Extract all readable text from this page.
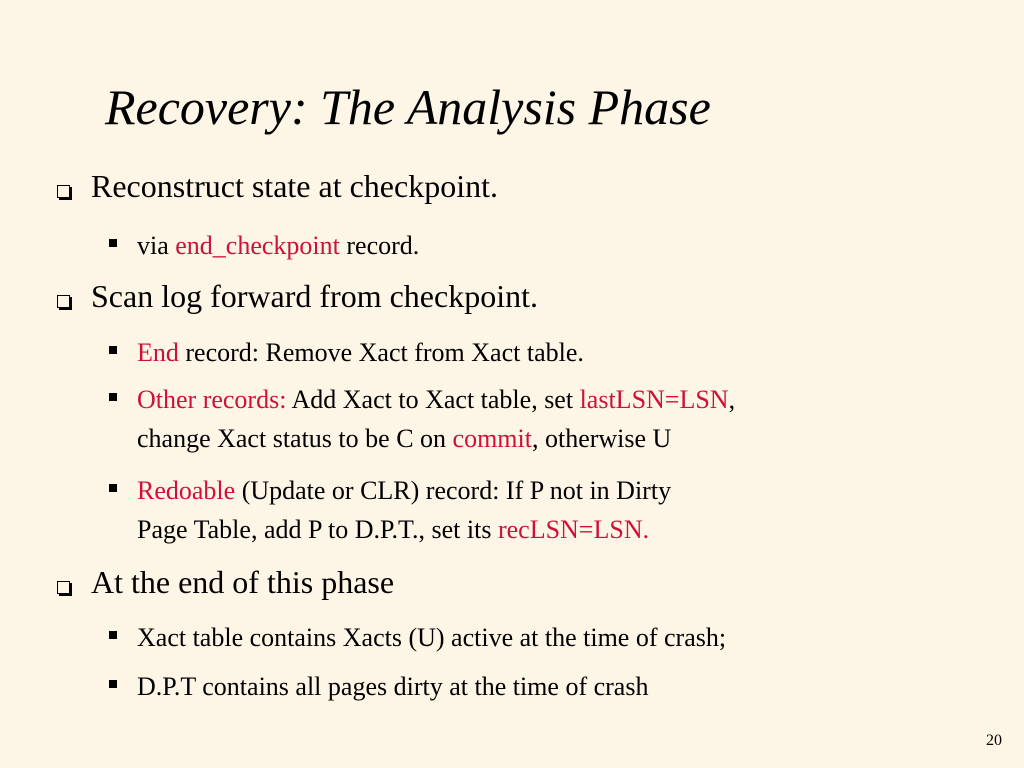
Recovery: The Analysis Phase
Reconstruct state at checkpoint.
via end_checkpoint record.
Scan log forward from checkpoint.
End record: Remove Xact from Xact table.
Other records: Add Xact to Xact table, set lastLSN=LSN,
change Xact status to be C on commit, otherwise U
Redoable (Update or CLR) record: If P not in Dirty
Page Table, add P to D.P.T., set its recLSN=LSN.
At the end of this phase
Xact table contains Xacts (U) active at the time of crash;
D.P.T contains all pages dirty at the time of crash
20
